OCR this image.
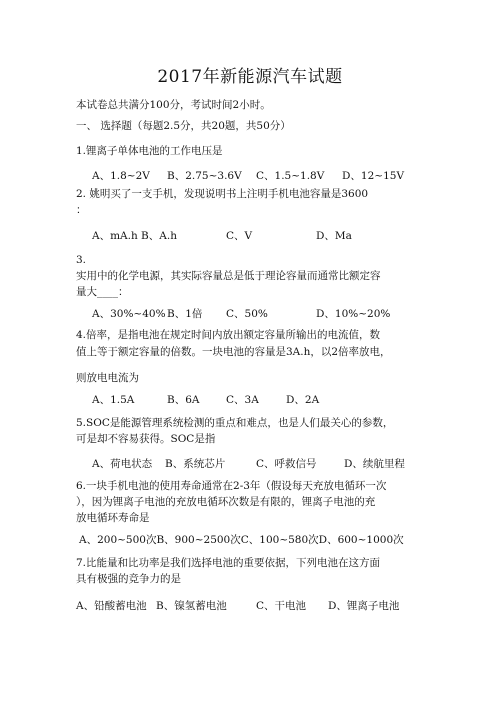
2017年新能源汽车试题
本试卷总共满分100分，考试时间2小时。
一、 选择题（每题2.5分，共20题，共50分）
1.锂离子单体电池的工作电压是
A、1.8~2V B、2.75~3.6V C、1.5~1.8V D、12~15V
2. 姚明买了一支手机，发现说明书上注明手机电池容量是3600
：
A、mA.h B、A.h	C、V	D、Ma
3.
实用中的化学电源，其实际容量总是低于理论容量而通常比额定容
量大____：
A、30%~40% B、1倍 C、50%	D、10%~20%
4.倍率，是指电池在规定时间内放出额定容量所输出的电流值，数
值上等于额定容量的倍数。一块电池的容量是3A.h，以2倍率放电，
则放电电流为
A、1.5A	B、6A	C、3A	D、2A
5.SOC是能源管理系统检测的重点和难点，也是人们最关心的参数，
可是却不容易获得。SOC是指
A、荷电状态 B、系统芯片	C、呼救信号	D、续航里程
6.一块手机电池的使用寿命通常在2-3年（假设每天充放电循环一次
），因为锂离子电池的充放电循环次数是有限的，锂离子电池的充
放电循环寿命是
A、200~500次B、900~2500次C、100~580次D、600~1000次
7.比能量和比功率是我们选择电池的重要依据，下列电池在这方面
具有极强的竞争力的是
A、铅酸蓄电池 B、镍氢蓄电池	C、干电池 D、锂离子电池
